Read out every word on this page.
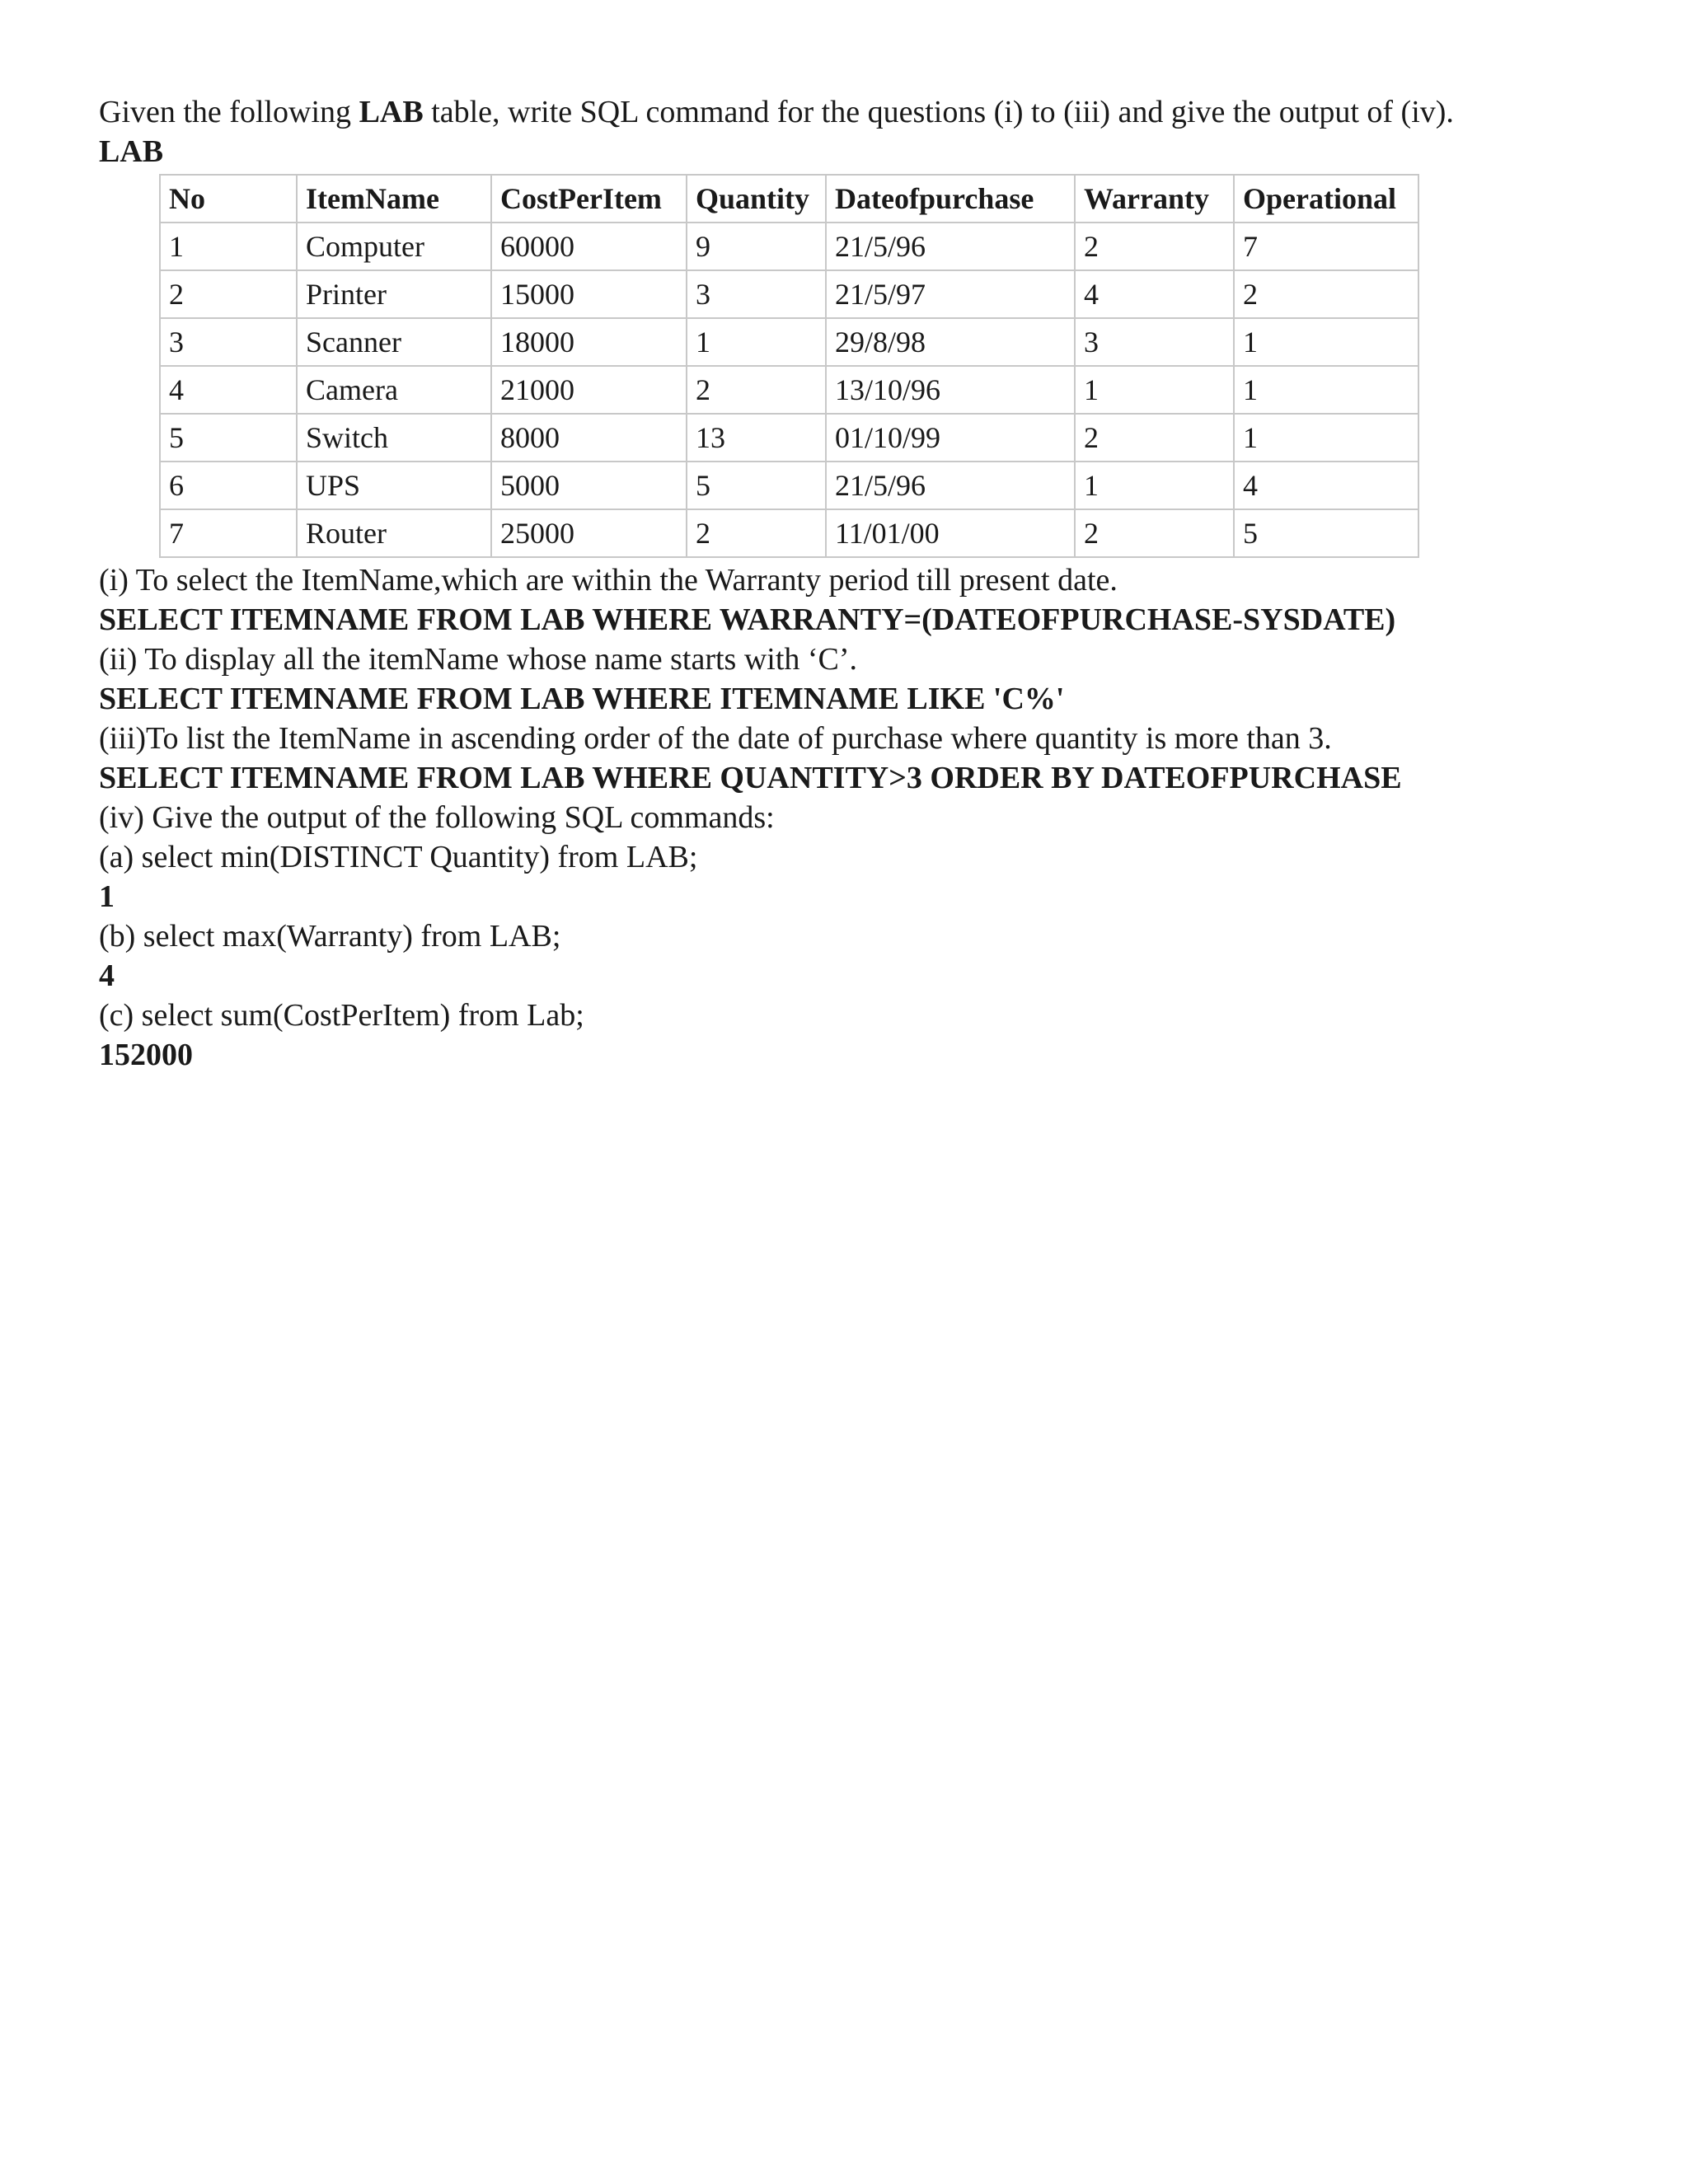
Given the following LAB table, write SQL command for the questions (i) to (iii) and give the output of (iv).
LAB
No	ItemName	CostPerItem	Quantity	Dateofpurchase	Warranty	Operational
1	Computer	60000	9	21/5/96	2	7
2	Printer	15000	3	21/5/97	4	2
3	Scanner	18000	1	29/8/98	3	1
4	Camera	21000	2	13/10/96	1	1
5	Switch	8000	13	01/10/99	2	1
6	UPS	5000	5	21/5/96	1	4
7	Router	25000	2	11/01/00	2	5
(i) To select the ItemName,which are within the Warranty period till present date.
SELECT ITEMNAME FROM LAB WHERE WARRANTY=(DATEOFPURCHASE-SYSDATE)
(ii) To display all the itemName whose name starts with ‘C’.
SELECT ITEMNAME FROM LAB WHERE ITEMNAME LIKE 'C%'
(iii)To list the ItemName in ascending order of the date of purchase where quantity is more than 3.
SELECT ITEMNAME FROM LAB WHERE QUANTITY>3 ORDER BY DATEOFPURCHASE
(iv) Give the output of the following SQL commands:
(a) select min(DISTINCT Quantity) from LAB;
1
(b) select max(Warranty) from LAB;
4
(c) select sum(CostPerItem) from Lab;
152000
